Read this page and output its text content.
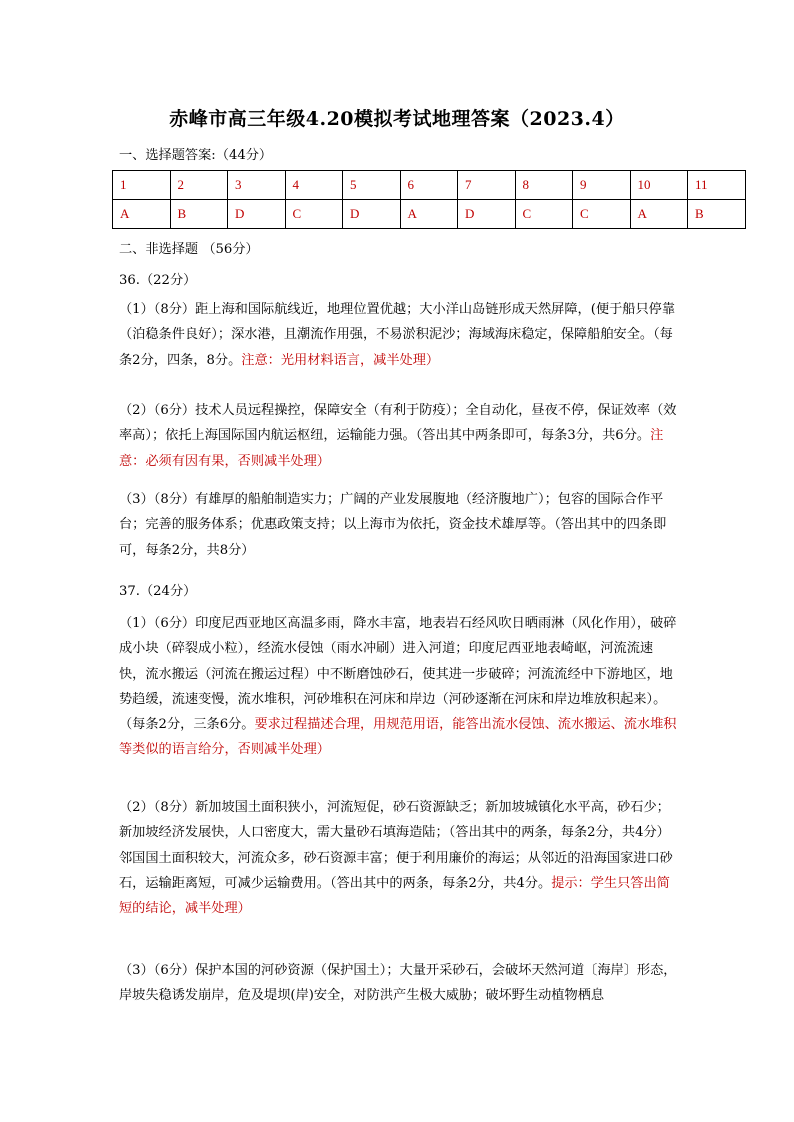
赤峰市高三年级4.20模拟考试地理答案（2023.4）
一、选择题答案:（44分）
1	2	3	4	5	6	7	8	9	10	11
A	B	D	C	D	A	D	C	C	A	B
二、非选择题 （56分）
36.（22分）
（1）（8分）距上海和国际航线近，地理位置优越；大小洋山岛链形成天然屏障，(便于船只停靠（泊稳条件良好）；深水港，且潮流作用强，不易淤积泥沙；海域海床稳定，保障船舶安全。（每条2分，四条，8分。注意：光用材料语言，减半处理）
（2）（6分）技术人员远程操控，保障安全（有利于防疫）；全自动化，昼夜不停，保证效率（效率高）；依托上海国际国内航运枢纽，运输能力强。（答出其中两条即可，每条3分，共6分。注意：必须有因有果，否则减半处理）
（3）（8分）有雄厚的船舶制造实力；广阔的产业发展腹地（经济腹地广）；包容的国际合作平台；完善的服务体系；优惠政策支持；以上海市为依托，资金技术雄厚等。（答出其中的四条即可，每条2分，共8分）
37.（24分）
（1）（6分）印度尼西亚地区高温多雨，降水丰富，地表岩石经风吹日晒雨淋（风化作用），破碎成小块（碎裂成小粒），经流水侵蚀（雨水冲刷）进入河道；印度尼西亚地表崎岖，河流流速快，流水搬运（河流在搬运过程）中不断磨蚀砂石，使其进一步破碎；河流流经中下游地区，地势趋缓，流速变慢，流水堆积，河砂堆积在河床和岸边（河砂逐渐在河床和岸边堆放积起来）。（每条2分，三条6分。要求过程描述合理，用规范用语，能答出流水侵蚀、流水搬运、流水堆积等类似的语言给分，否则减半处理）
（2）（8分）新加坡国土面积狭小，河流短促，砂石资源缺乏；新加坡城镇化水平高，砂石少；新加坡经济发展快，人口密度大，需大量砂石填海造陆；（答出其中的两条，每条2分，共4分）邻国国土面积较大，河流众多，砂石资源丰富；便于利用廉价的海运；从邻近的沿海国家进口砂石，运输距离短，可减少运输费用。（答出其中的两条，每条2分，共4分。提示：学生只答出简短的结论，减半处理）
（3）（6分）保护本国的河砂资源（保护国土）；大量开采砂石，会破坏天然河道〔海岸〕形态，岸坡失稳诱发崩岸，危及堤坝(岸)安全，对防洪产生极大威胁；破坏野生动植物栖息
